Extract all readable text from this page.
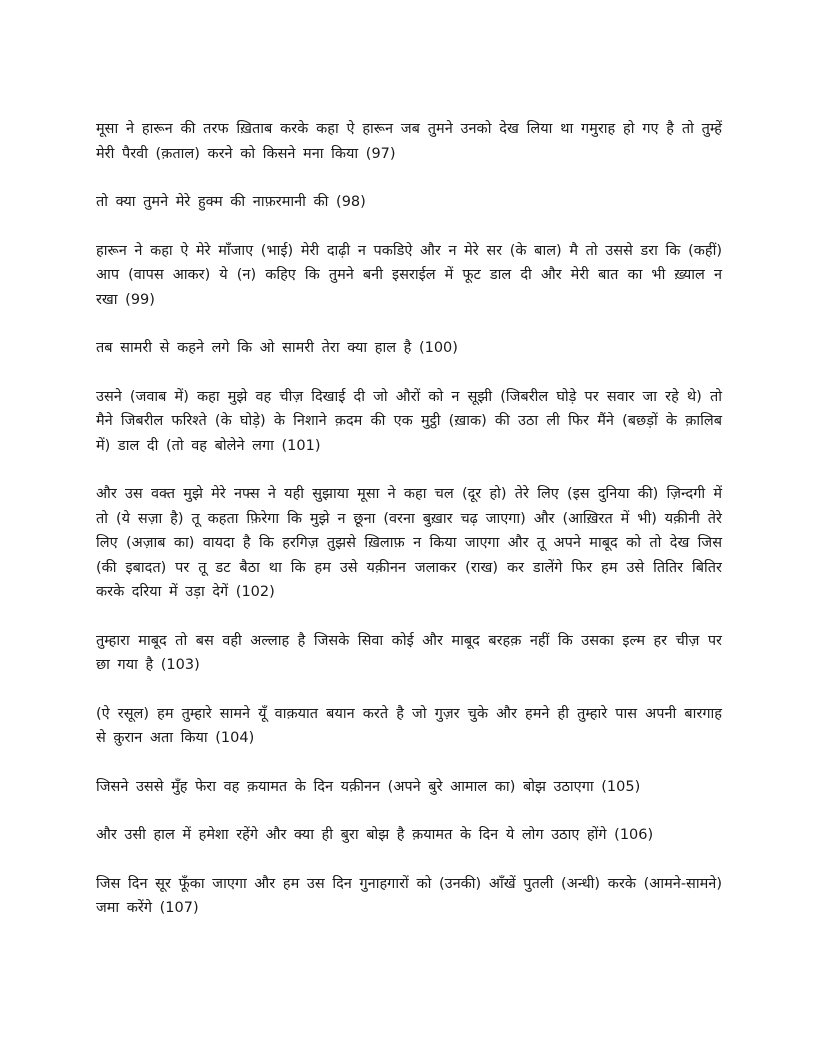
मूसा ने हारून की तरफ ख़िताब करके कहा ऐ हारून जब तुमने उनको देख लिया था गमुराह हो गए है तो तुम्हें मेरी पैरवी (क़ताल) करने को किसने मना किया (97)

तो क्या तुमने मेरे हुक्म की नाफ़रमानी की (98)

हारून ने कहा ऐ मेरे माँजाए (भाई) मेरी दाढ़ी न पकडिऐ और न मेरे सर (के बाल) मै तो उससे डरा कि (कहीं) आप (वापस आकर) ये (न) कहिए कि तुमने बनी इसराईल में फूट डाल दी और मेरी बात का भी ख़्याल न रखा (99)

तब सामरी से कहने लगे कि ओ सामरी तेरा क्या हाल है (100)

उसने (जवाब में) कहा मुझे वह चीज़ दिखाई दी जो औरों को न सूझी (जिबरील घोड़े पर सवार जा रहे थे) तो मैने जिबरील फरिश्ते (के घोड़े) के निशाने क़दम की एक मुट्ठी (ख़ाक) की उठा ली फिर मैंने (बछड़ों के क़ालिब में) डाल दी (तो वह बोलेने लगा (101)

और उस वक्त मुझे मेरे नफ्स ने यही सुझाया मूसा ने कहा चल (दूर हो) तेरे लिए (इस दुनिया की) ज़िन्दगी में तो (ये सज़ा है) तू कहता फ़िरेगा कि मुझे न छूना (वरना बुख़ार चढ़ जाएगा) और (आख़िरत में भी) यक़ीनी तेरे लिए (अज़ाब का) वायदा है कि हरगिज़ तुझसे ख़िलाफ़ न किया जाएगा और तू अपने माबूद को तो देख जिस (की इबादत) पर तू डट बैठा था कि हम उसे यक़ीनन जलाकर (राख) कर डालेंगे फिर हम उसे तितिर बितिर करके दरिया में उड़ा देगें (102)

तुम्हारा माबूद तो बस वही अल्लाह है जिसके सिवा कोई और माबूद बरहक़ नहीं कि उसका इल्म हर चीज़ पर छा गया है (103)

(ऐ रसूल) हम तुम्हारे सामने यूँ वाक़यात बयान करते है जो गुज़र चुके और हमने ही तुम्हारे पास अपनी बारगाह से क़ुरान अता किया (104)

जिसने उससे मुँह फेरा वह क़यामत के दिन यक़ीनन (अपने बुरे आमाल का) बोझ उठाएगा (105)

और उसी हाल में हमेशा रहेंगे और क्या ही बुरा बोझ है क़यामत के दिन ये लोग उठाए होंगे (106)

जिस दिन सूर फूँका जाएगा और हम उस दिन गुनाहगारों को (उनकी) आँखें पुतली (अन्धी) करके (आमने-सामने) जमा करेंगे (107)
